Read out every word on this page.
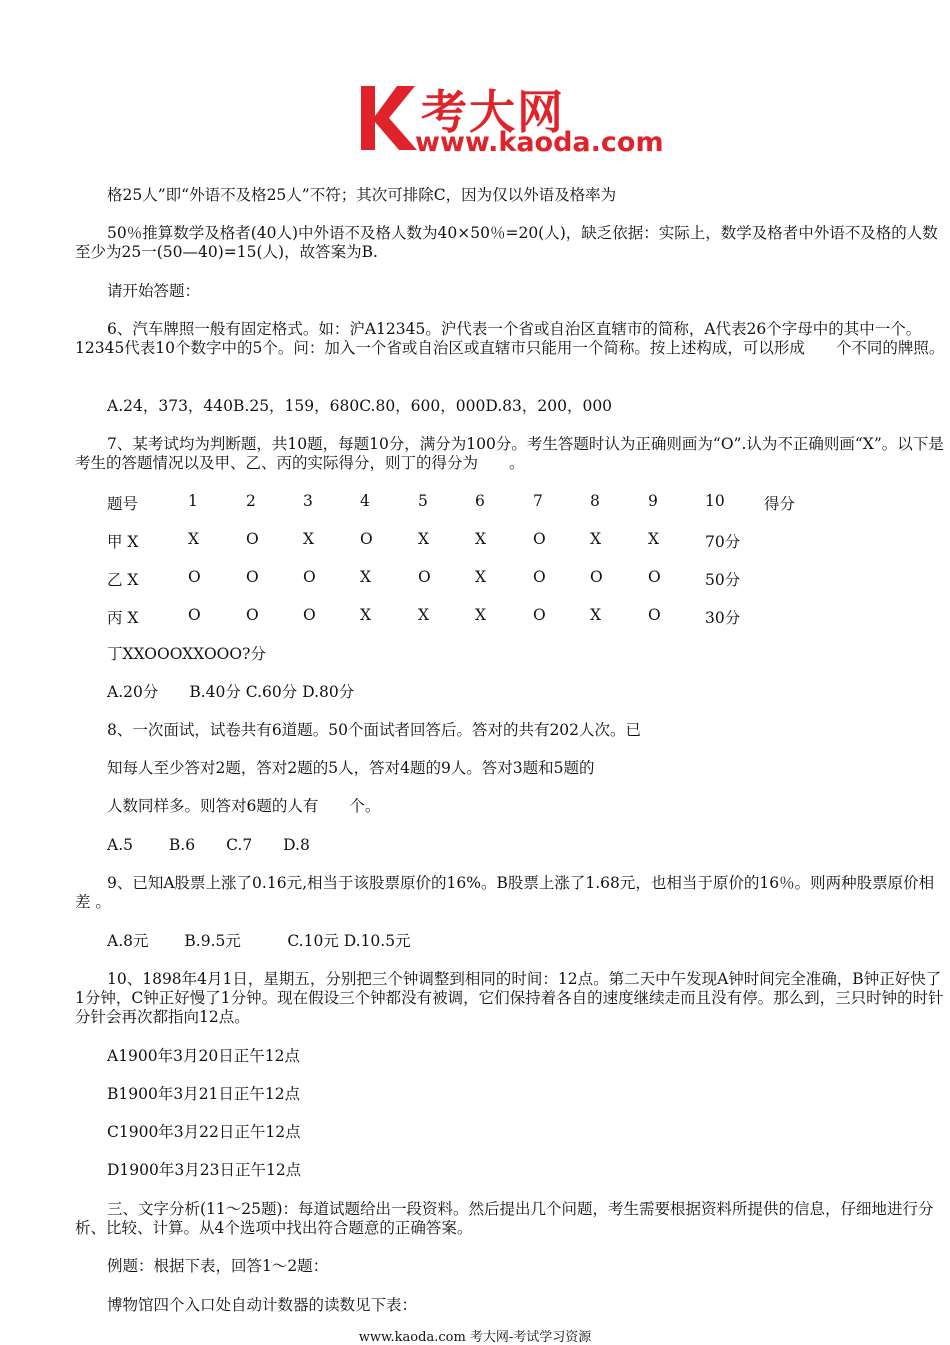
考大网
www.kaoda.com

格25人”即“外语不及格25人”不符；其次可排除C，因为仅以外语及格率为

50％推算数学及格者(40人)中外语不及格人数为40×50％=20(人)，缺乏依据：实际上，数学及格者中外语不及格的人数至少为25一(50—40)=15(人)，故答案为B.

请开始答题：

6、汽车牌照一般有固定格式。如：沪A12345。沪代表一个省或自治区直辖市的简称，A代表26个字母中的其中一个。12345代表10个数字中的5个。问：加入一个省或自治区或直辖市只能用一个简称。按上述构成，可以形成　　个不同的牌照。

A.24，373，440B.25，159，680C.80，600，000D.83，200，000

7、某考试均为判断题，共10题，每题10分，满分为100分。考生答题时认为正确则画为“O”.认为不正确则画“X”。以下是考生的答题情况以及甲、乙、丙的实际得分，则丁的得分为　　。

题号	1	2	3	4	5	6	7	8	9	10	得分
甲 X	X	O	X	O	X	X	O	X	X	70分
乙 X	O	O	O	X	O	X	O	O	O	50分
丙 X	O	O	O	X	X	X	O	X	O	30分

丁XXOOOXXOOO?分

A.20分　　B.40分 C.60分 D.80分

8、一次面试，试卷共有6道题。50个面试者回答后。答对的共有202人次。已

知每人至少答对2题，答对2题的5人，答对4题的9人。答对3题和5题的

人数同样多。则答对6题的人有　　个。

A.5　　 B.6　　C.7　　D.8

9、已知A股票上涨了0.16元,相当于该股票原价的16%。B股票上涨了1.68元，也相当于原价的16％。则两种股票原价相差 。

A.8元　　 B.9.5元　　　C.10元 D.10.5元

10、1898年4月1日，星期五，分别把三个钟调整到相同的时间：12点。第二天中午发现A钟时间完全准确，B钟正好快了1分钟，C钟正好慢了1分钟。现在假设三个钟都没有被调，它们保持着各自的速度继续走而且没有停。那么到，三只时钟的时针分针会再次都指向12点。

A1900年3月20日正午12点

B1900年3月21日正午12点

C1900年3月22日正午12点

D1900年3月23日正午12点

三、文字分析(11～25题)：每道试题给出一段资料。然后提出几个问题，考生需要根据资料所提供的信息，仔细地进行分析、比较、计算。从4个选项中找出符合题意的正确答案。

例题：根据下表，回答1～2题：

博物馆四个入口处自动计数器的读数见下表：

www.kaoda.com 考大网-考试学习资源
